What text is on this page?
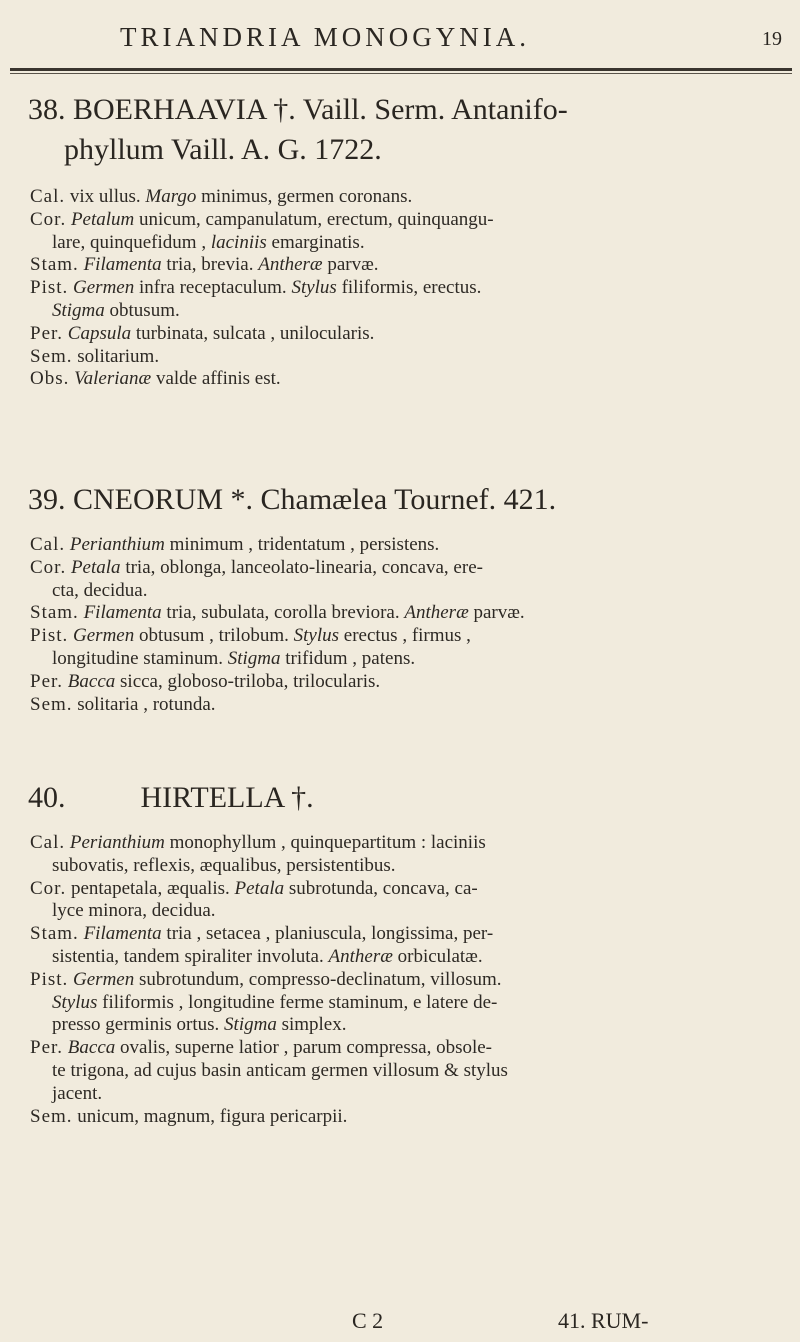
TRIANDRIA MONOGYNIA.	19
38. BOERHAAVIA †. Vaill. Serm. Antanifo-
phyllum Vaill. A. G. 1722.
Cal. vix ullus. Margo minimus, germen coronans.
Cor. Petalum unicum, campanulatum, erectum, quinquangu-
lare, quinquefidum , laciniis emarginatis.
Stam. Filamenta tria, brevia. Antheræ parvæ.
Pist. Germen infra receptaculum. Stylus filiformis, erectus.
Stigma obtusum.
Per. Capsula turbinata, sulcata , unilocularis.
Sem. solitarium.
Obs. Valerianæ valde affinis est.
39. CNEORUM *. Chamælea Tournef. 421.
Cal. Perianthium minimum , tridentatum , persistens.
Cor. Petala tria, oblonga, lanceolato-linearia, concava, ere-
cta, decidua.
Stam. Filamenta tria, subulata, corolla breviora. Antheræ parvæ.
Pist. Germen obtusum , trilobum. Stylus erectus , firmus ,
longitudine staminum. Stigma trifidum , patens.
Per. Bacca sicca, globoso-triloba, trilocularis.
Sem. solitaria , rotunda.
40.          HIRTELLA †.
Cal. Perianthium monophyllum , quinquepartitum : laciniis
subovatis, reflexis, æqualibus, persistentibus.
Cor. pentapetala, æqualis. Petala subrotunda, concava, ca-
lyce minora, decidua.
Stam. Filamenta tria , setacea , planiuscula, longissima, per-
sistentia, tandem spiraliter involuta. Antheræ orbiculatæ.
Pist. Germen subrotundum, compresso-declinatum, villosum.
Stylus filiformis , longitudine ferme staminum, e latere de-
presso germinis ortus. Stigma simplex.
Per. Bacca ovalis, superne latior , parum compressa, obsole-
te trigona, ad cujus basin anticam germen villosum & stylus
jacent.
Sem. unicum, magnum, figura pericarpii.
C 2	41. RUM-
